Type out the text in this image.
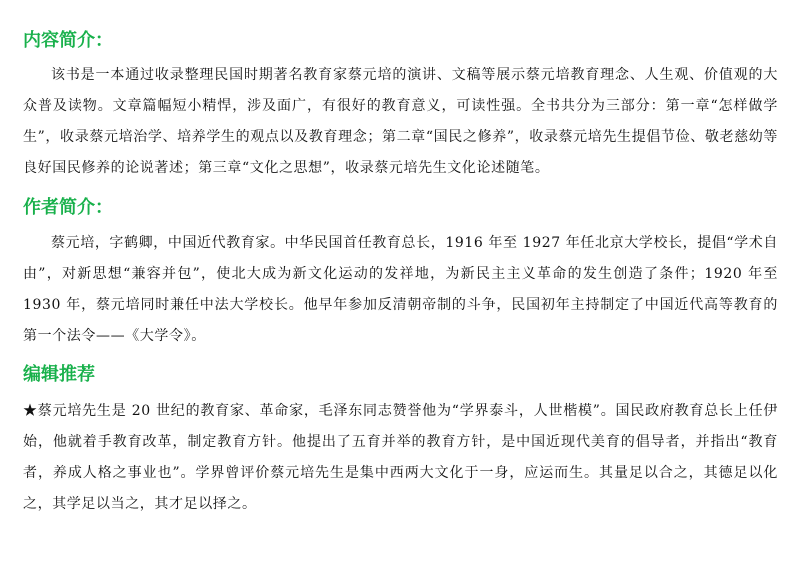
内容简介：

该书是一本通过收录整理民国时期著名教育家蔡元培的演讲、文稿等展示蔡元培教育理念、人生观、价值观的大众普及读物。文章篇幅短小精悍，涉及面广，有很好的教育意义，可读性强。全书共分为三部分：第一章“怎样做学生”，收录蔡元培治学、培养学生的观点以及教育理念；第二章“国民之修养”，收录蔡元培先生提倡节俭、敬老慈幼等良好国民修养的论说著述；第三章“文化之思想”，收录蔡元培先生文化论述随笔。

作者简介：

蔡元培，字鹤卿，中国近代教育家。中华民国首任教育总长，1916 年至 1927 年任北京大学校长，提倡“学术自由”，对新思想“兼容并包”，使北大成为新文化运动的发祥地，为新民主主义革命的发生创造了条件；1920 年至 1930 年，蔡元培同时兼任中法大学校长。他早年参加反清朝帝制的斗争，民国初年主持制定了中国近代高等教育的第一个法令——《大学令》。

编辑推荐

★蔡元培先生是 20 世纪的教育家、革命家，毛泽东同志赞誉他为“学界泰斗，人世楷模”。国民政府教育总长上任伊始，他就着手教育改革，制定教育方针。他提出了五育并举的教育方针，是中国近现代美育的倡导者，并指出“教育者，养成人格之事业也”。学界曾评价蔡元培先生是集中西两大文化于一身，应运而生。其量足以合之，其德足以化之，其学足以当之，其才足以择之。
